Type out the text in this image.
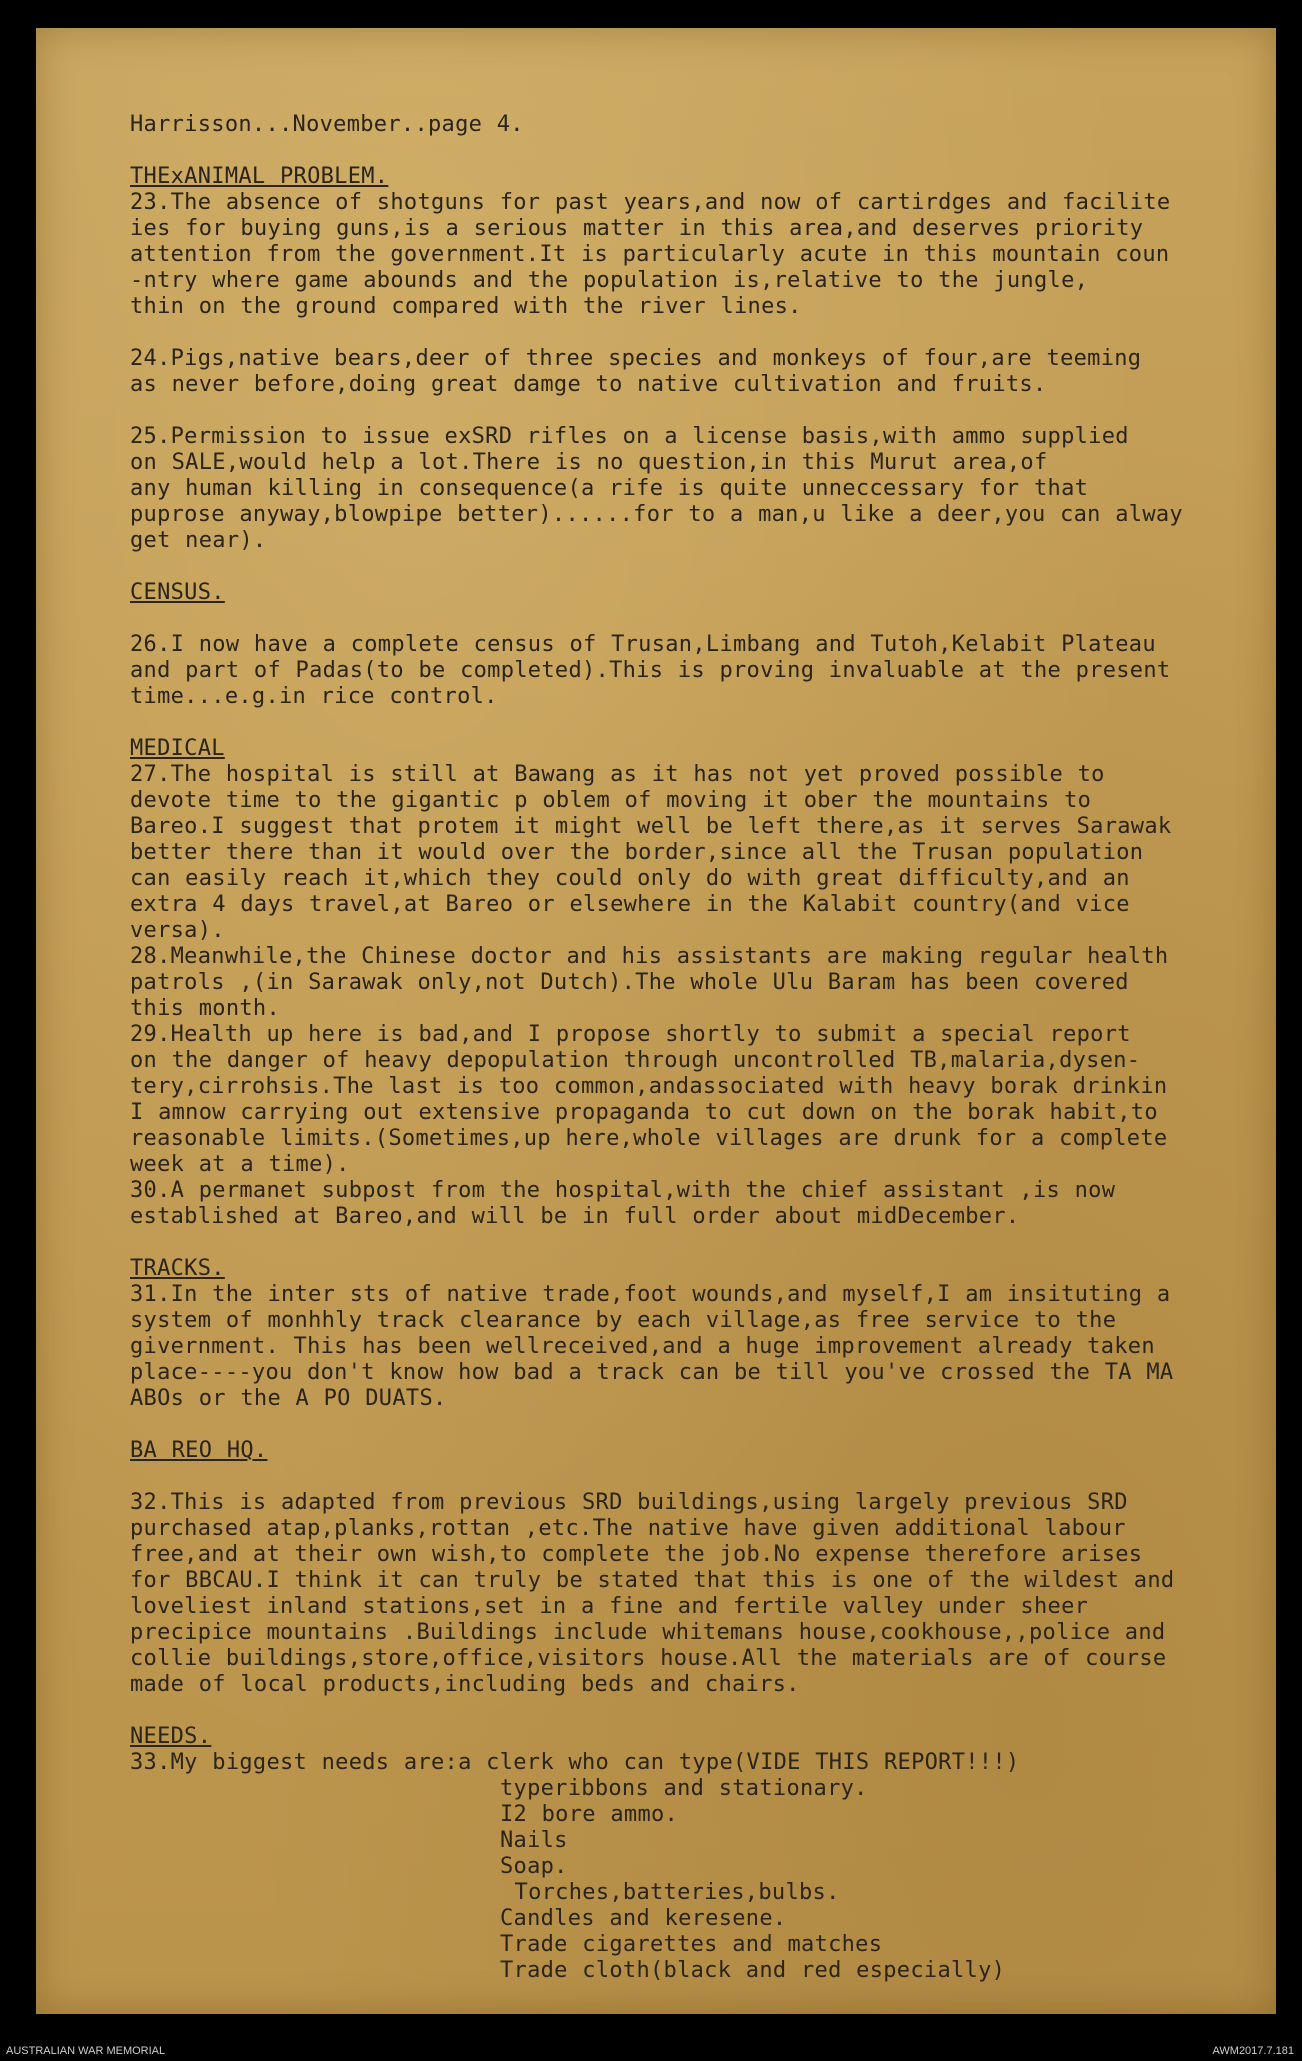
Harrisson...November..page 4.
THExANIMAL PROBLEM.
23.The absence of shotguns for past years,and now of cartirdges and facilite
ies for buying guns,is a serious matter in this area,and deserves priority
attention from the government.It is particularly acute in this mountain coun
-ntry where game abounds and the population is,relative to the jungle,
thin on the ground compared with the river lines.
24.Pigs,native bears,deer of three species and monkeys of four,are teeming
as never before,doing great damge to native cultivation and fruits.
25.Permission to issue exSRD rifles on a license basis,with ammo supplied
on SALE,would help a lot.There is no question,in this Murut area,of
any human killing in consequence(a rife is quite unneccessary for that
puprose anyway,blowpipe better)......for to a man,u like a deer,you can alway
get near).
CENSUS.
26.I now have a complete census of Trusan,Limbang and Tutoh,Kelabit Plateau
and part of Padas(to be completed).This is proving invaluable at the present
time...e.g.in rice control.
MEDICAL
27.The hospital is still at Bawang as it has not yet proved possible to
devote time to the gigantic p oblem of moving it ober the mountains to
Bareo.I suggest that protem it might well be left there,as it serves Sarawak
better there than it would over the border,since all the Trusan population
can easily reach it,which they could only do with great difficulty,and an
extra 4 days travel,at Bareo or elsewhere in the Kalabit country(and vice
versa).
28.Meanwhile,the Chinese doctor and his assistants are making regular health
patrols ,(in Sarawak only,not Dutch).The whole Ulu Baram has been covered
this month.
29.Health up here is bad,and I propose shortly to submit a special report
on the danger of heavy depopulation through uncontrolled TB,malaria,dysen-
tery,cirrohsis.The last is too common,andassociated with heavy borak drinkin
I amnow carrying out extensive propaganda to cut down on the borak habit,to
reasonable limits.(Sometimes,up here,whole villages are drunk for a complete
week at a time).
30.A permanet subpost from the hospital,with the chief assistant ,is now
established at Bareo,and will be in full order about midDecember.
TRACKS.
31.In the inter sts of native trade,foot wounds,and myself,I am insituting a
system of monhhly track clearance by each village,as free service to the
givernment. This has been wellreceived,and a huge improvement already taken
place----you don't know how bad a track can be till you've crossed the TA MA
ABOs or the A PO DUATS.
BA REO HQ.
32.This is adapted from previous SRD buildings,using largely previous SRD
purchased atap,planks,rottan ,etc.The native have given additional labour
free,and at their own wish,to complete the job.No expense therefore arises
for BBCAU.I think it can truly be stated that this is one of the wildest and
loveliest inland stations,set in a fine and fertile valley under sheer
precipice mountains .Buildings include whitemans house,cookhouse,,police and
collie buildings,store,office,visitors house.All the materials are of course
made of local products,including beds and chairs.
NEEDS.
33.My biggest needs are:a clerk who can type(VIDE THIS REPORT!!!)
typeribbons and stationary.
I2 bore ammo.
Nails
Soap.
Torches,batteries,bulbs.
Candles and keresene.
Trade cigarettes and matches
Trade cloth(black and red especially)
AUSTRALIAN WAR MEMORIAL	AWM2017.7.181
